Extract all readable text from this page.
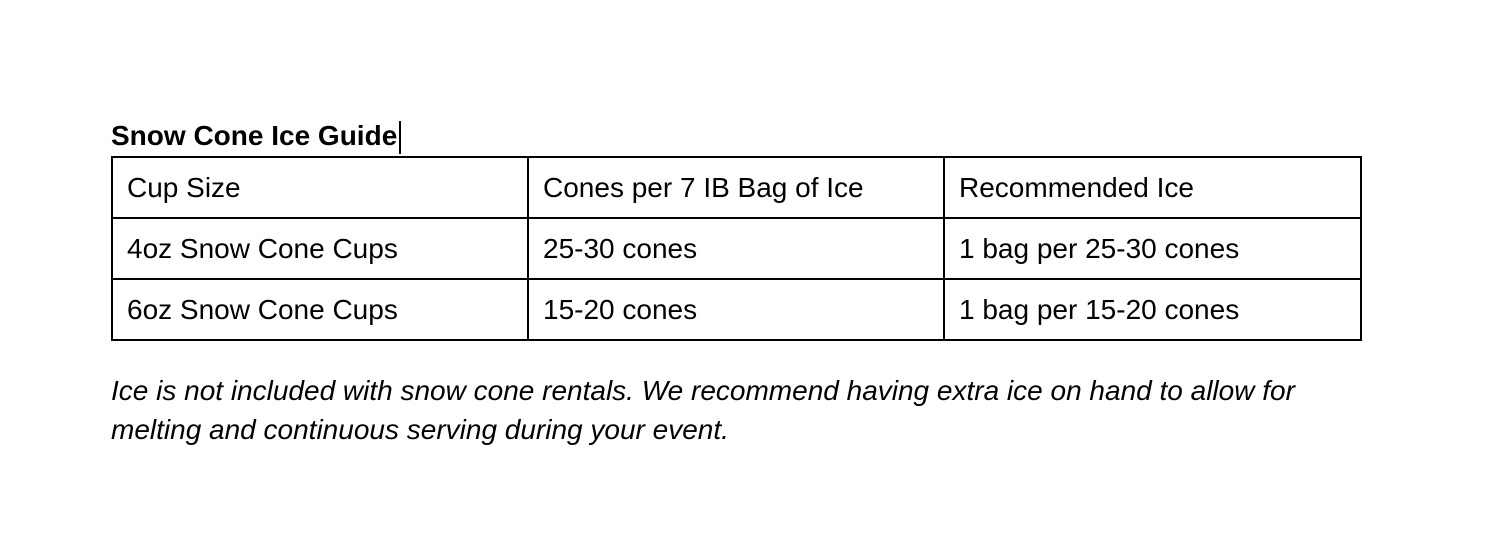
Snow Cone Ice Guide
Cup Size	Cones per 7 IB Bag of Ice	Recommended Ice
4oz Snow Cone Cups	25-30 cones	1 bag per 25-30 cones
6oz Snow Cone Cups	15-20 cones	1 bag per 15-20 cones

Ice is not included with snow cone rentals. We recommend having extra ice on hand to allow for melting and continuous serving during your event.
